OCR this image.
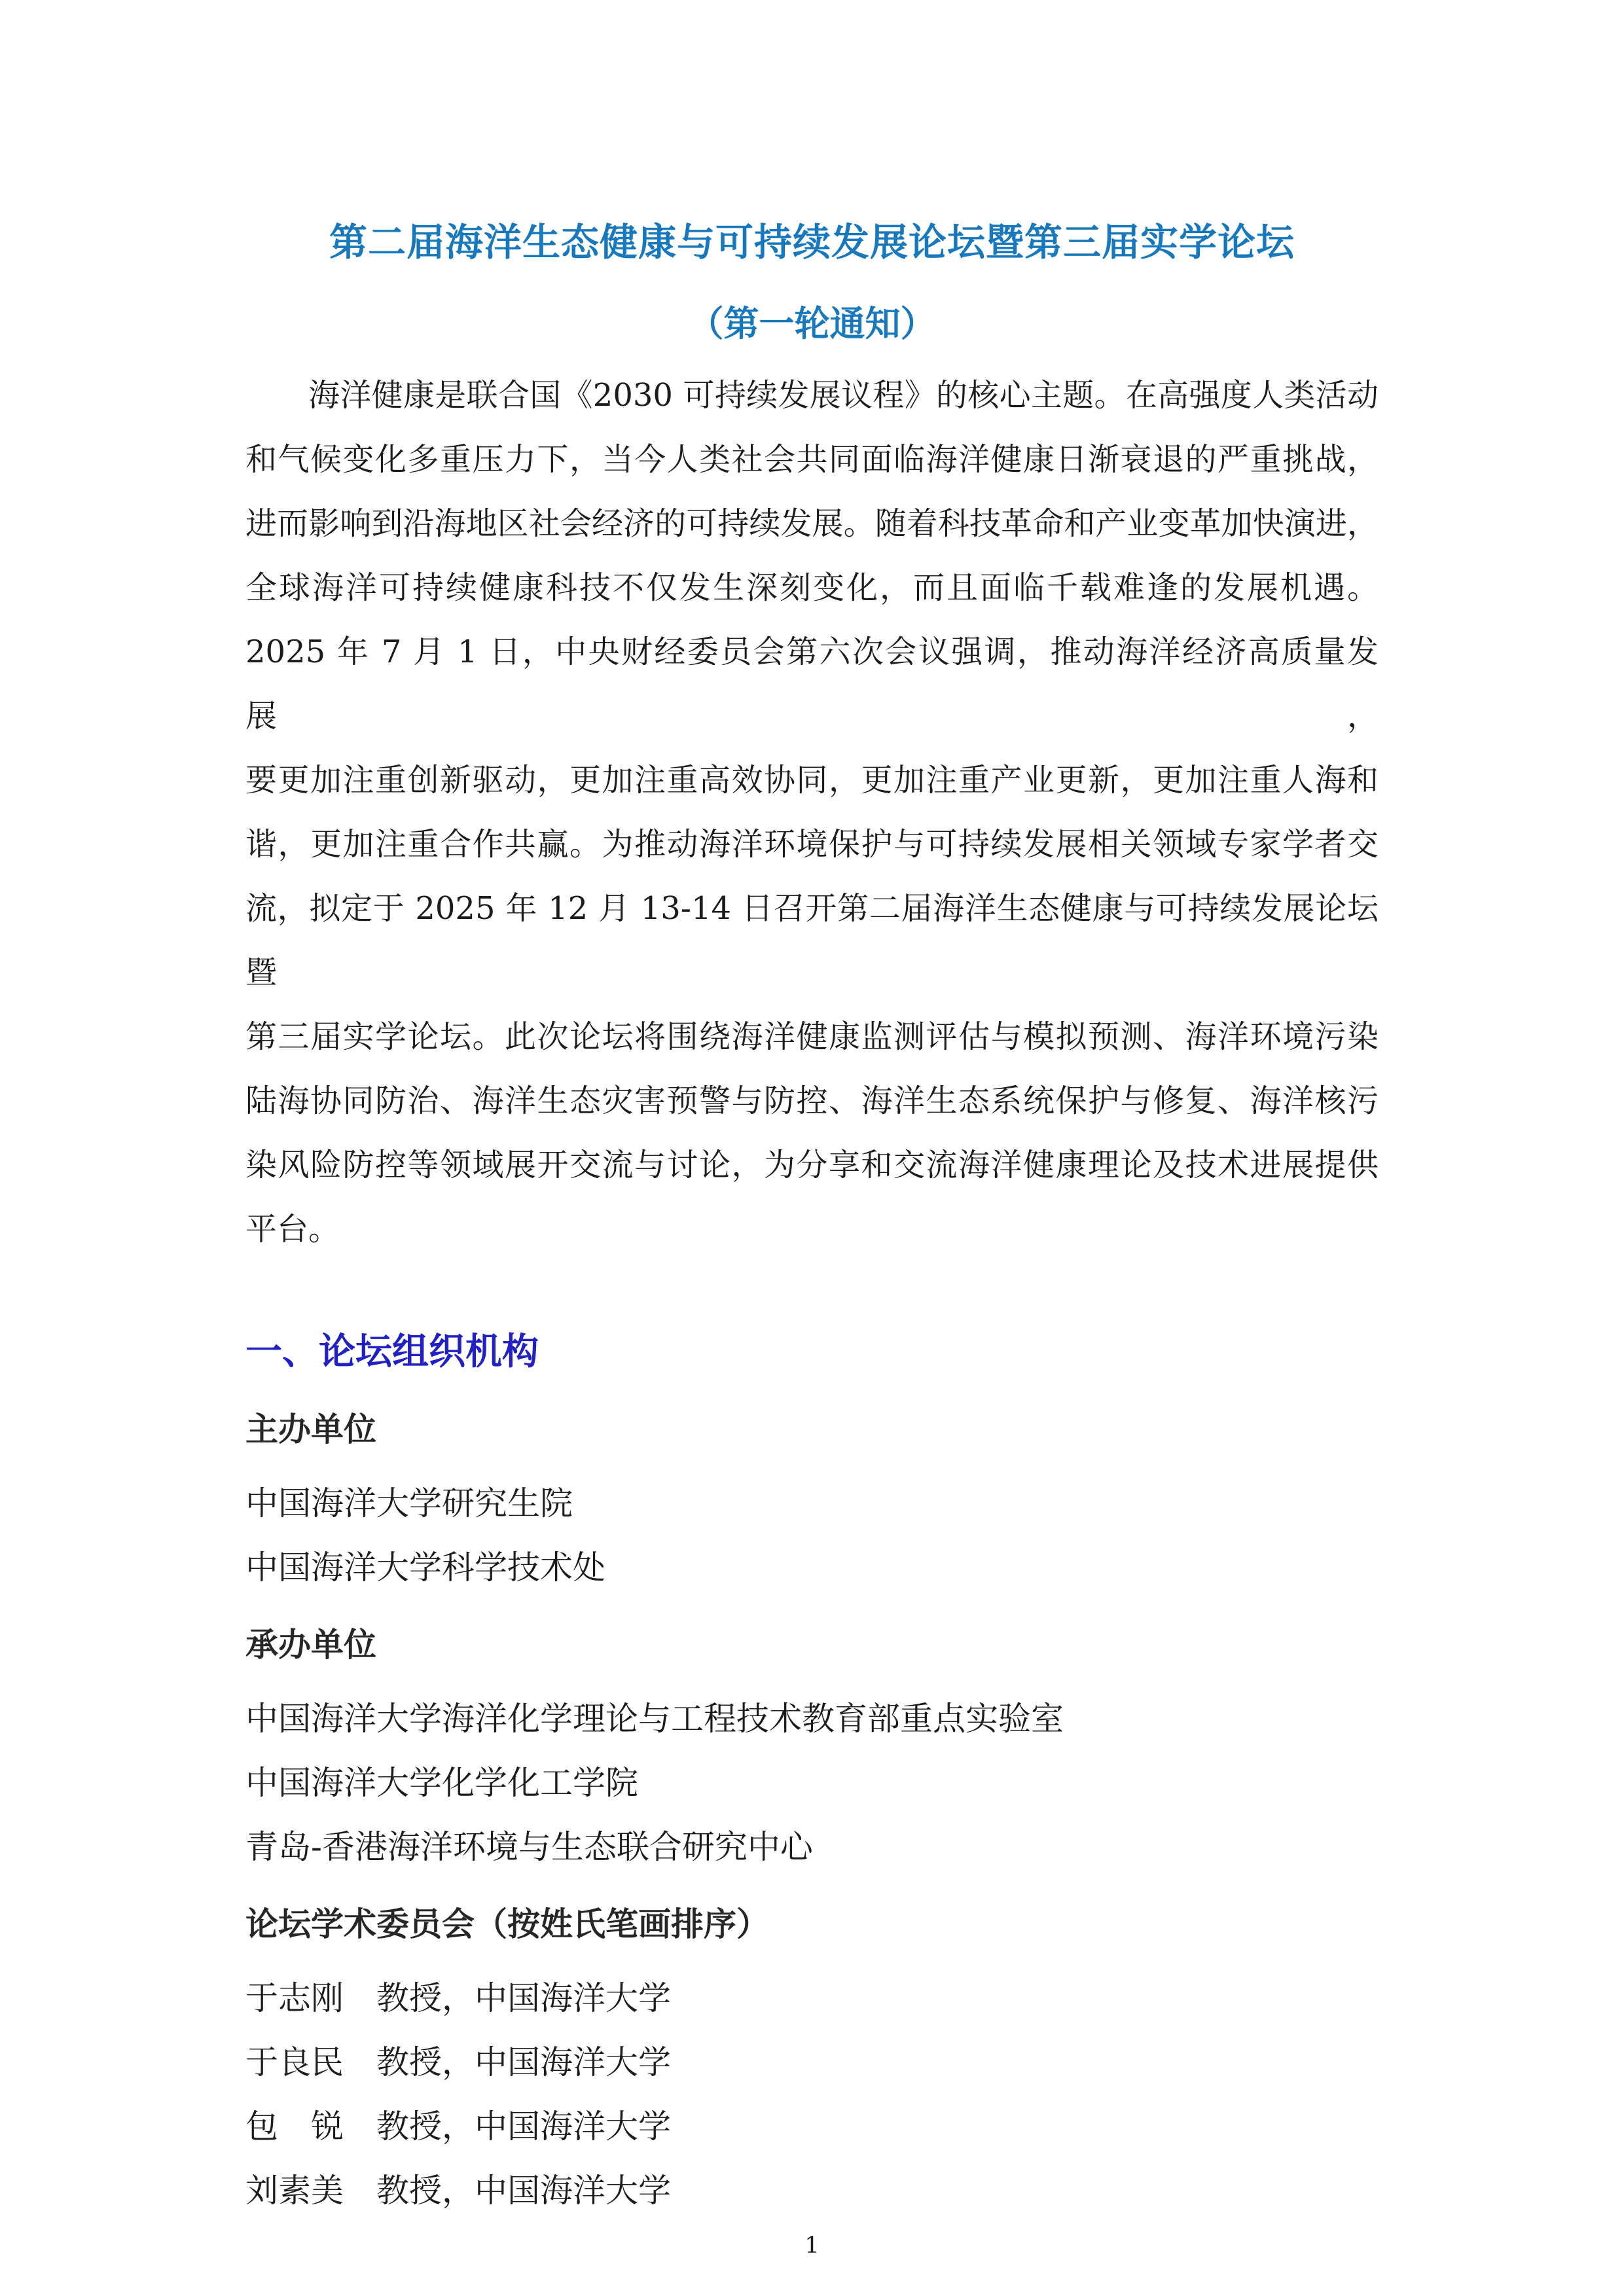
第二届海洋生态健康与可持续发展论坛暨第三届实学论坛
（第一轮通知）
海洋健康是联合国《2030 可持续发展议程》的核心主题。在高强度人类活动
和气候变化多重压力下，当今人类社会共同面临海洋健康日渐衰退的严重挑战，
进而影响到沿海地区社会经济的可持续发展。随着科技革命和产业变革加快演进，
全球海洋可持续健康科技不仅发生深刻变化，而且面临千载难逢的发展机遇。
2025 年 7 月 1 日，中央财经委员会第六次会议强调，推动海洋经济高质量发展，
要更加注重创新驱动，更加注重高效协同，更加注重产业更新，更加注重人海和
谐，更加注重合作共赢。为推动海洋环境保护与可持续发展相关领域专家学者交
流，拟定于 2025 年 12 月 13-14 日召开第二届海洋生态健康与可持续发展论坛暨
第三届实学论坛。此次论坛将围绕海洋健康监测评估与模拟预测、海洋环境污染
陆海协同防治、海洋生态灾害预警与防控、海洋生态系统保护与修复、海洋核污
染风险防控等领域展开交流与讨论，为分享和交流海洋健康理论及技术进展提供
平台。
一、论坛组织机构
主办单位
中国海洋大学研究生院
中国海洋大学科学技术处
承办单位
中国海洋大学海洋化学理论与工程技术教育部重点实验室
中国海洋大学化学化工学院
青岛-香港海洋环境与生态联合研究中心
论坛学术委员会（按姓氏笔画排序）
于志刚　教授，中国海洋大学
于良民　教授，中国海洋大学
包　锐　教授，中国海洋大学
刘素美　教授，中国海洋大学
1
